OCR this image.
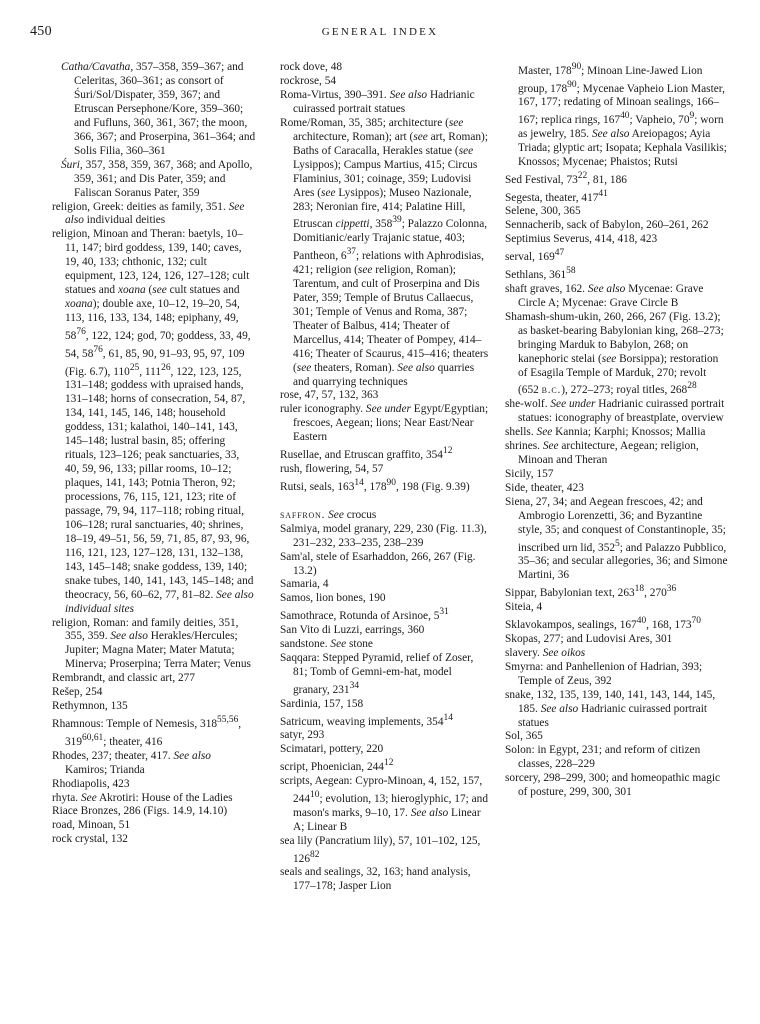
450	GENERAL INDEX
Catha/Cavatha, 357–358, 359–367; and Celeritas, 360–361; as consort of Śuri/Sol/Dispater, 359, 367; and Etruscan Persephone/Kore, 359–360; and Fufluns, 360, 361, 367; the moon, 366, 367; and Proserpina, 361–364; and Solis Filia, 360–361
Śuri, 357, 358, 359, 367, 368; and Apollo, 359, 361; and Dis Pater, 359; and Faliscan Soranus Pater, 359
religion, Greek: deities as family, 351. See also individual deities
religion, Minoan and Theran: baetyls, 10–11, 147; bird goddess, 139, 140; caves, 19, 40, 133; chthonic, 132; cult equipment, 123, 124, 126, 127–128; cult statues and xoana (see cult statues and xoana); double axe, 10–12, 19–20, 54, 113, 116, 133, 134, 148; epiphany, 49, $58^{76}$, 122, 124; god, 70; goddess, 33, 49, 54, $58^{76}$, 61, 85, 90, 91–93, 95, 97, 109 (Fig. 6.7), $110^{25}$, $111^{26}$, 122, 123, 125, 131–148; goddess with upraised hands, 131–148; horns of consecration, 54, 87, 134, 141, 145, 146, 148; household goddess, 131; kalathoi, 140–141, 143, 145–148; lustral basin, 85; offering rituals, 123–126; peak sanctuaries, 33, 40, 59, 96, 133; pillar rooms, 10–12; plaques, 141, 143; Potnia Theron, 92; processions, 76, 115, 121, 123; rite of passage, 79, 94, 117–118; robing ritual, 106–128; rural sanctuaries, 40; shrines, 18–19, 49–51, 56, 59, 71, 85, 87, 93, 96, 116, 121, 123, 127–128, 131, 132–138, 143, 145–148; snake goddess, 139, 140; snake tubes, 140, 141, 143, 145–148; and theocracy, 56, 60–62, 77, 81–82. See also individual sites
religion, Roman: and family deities, 351, 355, 359. See also Herakles/Hercules; Jupiter; Magna Mater; Mater Matuta; Minerva; Proserpina; Terra Mater; Venus
Rembrandt, and classic art, 277
Rešep, 254
Rethymnon, 135
Rhamnous: Temple of Nemesis, 318$^{55,56}$, 319$^{60,61}$; theater, 416
Rhodes, 237; theater, 417. See also Kamiros; Trianda
Rhodiapolis, 423
rhyta. See Akrotiri: House of the Ladies
Riace Bronzes, 286 (Figs. 14.9, 14.10)
road, Minoan, 51
rock crystal, 132
rock dove, 48
rockrose, 54
Roma-Virtus, 390–391. See also Hadrianic cuirassed portrait statues
Rome/Roman, 35, 385; architecture (see architecture, Roman); art (see art, Roman); Baths of Caracalla, Herakles statue (see Lysippos); Campus Martius, 415; Circus Flaminius, 301; coinage, 359; Ludovisi Ares (see Lysippos); Museo Nazionale, 283; Neronian fire, 414; Palatine Hill, Etruscan cippetti, $358^{39}$; Palazzo Colonna, Domitianic/early Trajanic statue, 403; Pantheon, $6^{37}$; relations with Aphrodisias, 421; religion (see religion, Roman); Tarentum, and cult of Proserpina and Dis Pater, 359; Temple of Brutus Callaecus, 301; Temple of Venus and Roma, 387; Theater of Balbus, 414; Theater of Marcellus, 414; Theater of Pompey, 414–416; Theater of Scaurus, 415–416; theaters (see theaters, Roman). See also quarries and quarrying techniques
rose, 47, 57, 132, 363
ruler iconography. See under Egypt/Egyptian; frescoes, Aegean; lions; Near East/Near Eastern
Rusellae, and Etruscan graffito, $354^{12}$
rush, flowering, 54, 57
Rutsi, seals, $163^{14}$, $178^{90}$, 198 (Fig. 9.39)
saffron. See crocus
Salmiya, model granary, 229, 230 (Fig. 11.3), 231–232, 233–235, 238–239
Sam'al, stele of Esarhaddon, 266, 267 (Fig. 13.2)
Samaria, 4
Samos, lion bones, 190
Samothrace, Rotunda of Arsinoe, $5^{31}$
San Vito di Luzzi, earrings, 360
sandstone. See stone
Saqqara: Stepped Pyramid, relief of Zoser, 81; Tomb of Gemni-em-hat, model granary, $231^{34}$
Sardinia, 157, 158
Satricum, weaving implements, $354^{14}$
satyr, 293
Scimatari, pottery, 220
script, Phoenician, $244^{12}$
scripts, Aegean: Cypro-Minoan, 4, 152, 157, $244^{10}$; evolution, 13; hieroglyphic, 17; and mason's marks, 9–10, 17. See also Linear A; Linear B
sea lily (Pancratium lily), 57, 101–102, 125, $126^{82}$
seals and sealings, 32, 163; hand analysis, 177–178; Jasper Lion
Master, $178^{90}$; Minoan Line-Jawed Lion group, $178^{90}$; Mycenae Vapheio Lion Master, 167, 177; redating of Minoan sealings, 166–167; replica rings, $167^{40}$; Vapheio, $70^9$; worn as jewelry, 185. See also Areiopagos; Ayia Triada; glyptic art; Isopata; Kephala Vasilikis; Knossos; Mycenae; Phaistos; Rutsi
Sed Festival, $73^{22}$, 81, 186
Segesta, theater, $417^{41}$
Selene, 300, 365
Sennacherib, sack of Babylon, 260–261, 262
Septimius Severus, 414, 418, 423
serval, $169^{47}$
Sethlans, $361^{58}$
shaft graves, 162. See also Mycenae: Grave Circle A; Mycenae: Grave Circle B
Shamash-shum-ukin, 260, 266, 267 (Fig. 13.2); as basket-bearing Babylonian king, 268–273; bringing Marduk to Babylon, 268; on kanephoric stelai (see Borsippa); restoration of Esagila Temple of Marduk, 270; revolt (652 b.c.), 272–273; royal titles, $268^{28}$
she-wolf. See under Hadrianic cuirassed portrait statues: iconography of breastplate, overview
shells. See Kannia; Karphi; Knossos; Mallia
shrines. See architecture, Aegean; religion, Minoan and Theran
Sicily, 157
Side, theater, 423
Siena, 27, 34; and Aegean frescoes, 42; and Ambrogio Lorenzetti, 36; and Byzantine style, 35; and conquest of Constantinople, 35; inscribed urn lid, $352^5$; and Palazzo Pubblico, 35–36; and secular allegories, 36; and Simone Martini, 36
Sippar, Babylonian text, $263^{18}$, $270^{36}$
Siteia, 4
Sklavokampos, sealings, $167^{40}$, 168, $173^{70}$
Skopas, 277; and Ludovisi Ares, 301
slavery. See oikos
Smyrna: and Panhellenion of Hadrian, 393; Temple of Zeus, 392
snake, 132, 135, 139, 140, 141, 143, 144, 145, 185. See also Hadrianic cuirassed portrait statues
Sol, 365
Solon: in Egypt, 231; and reform of citizen classes, 228–229
sorcery, 298–299, 300; and homeopathic magic of posture, 299, 300, 301
